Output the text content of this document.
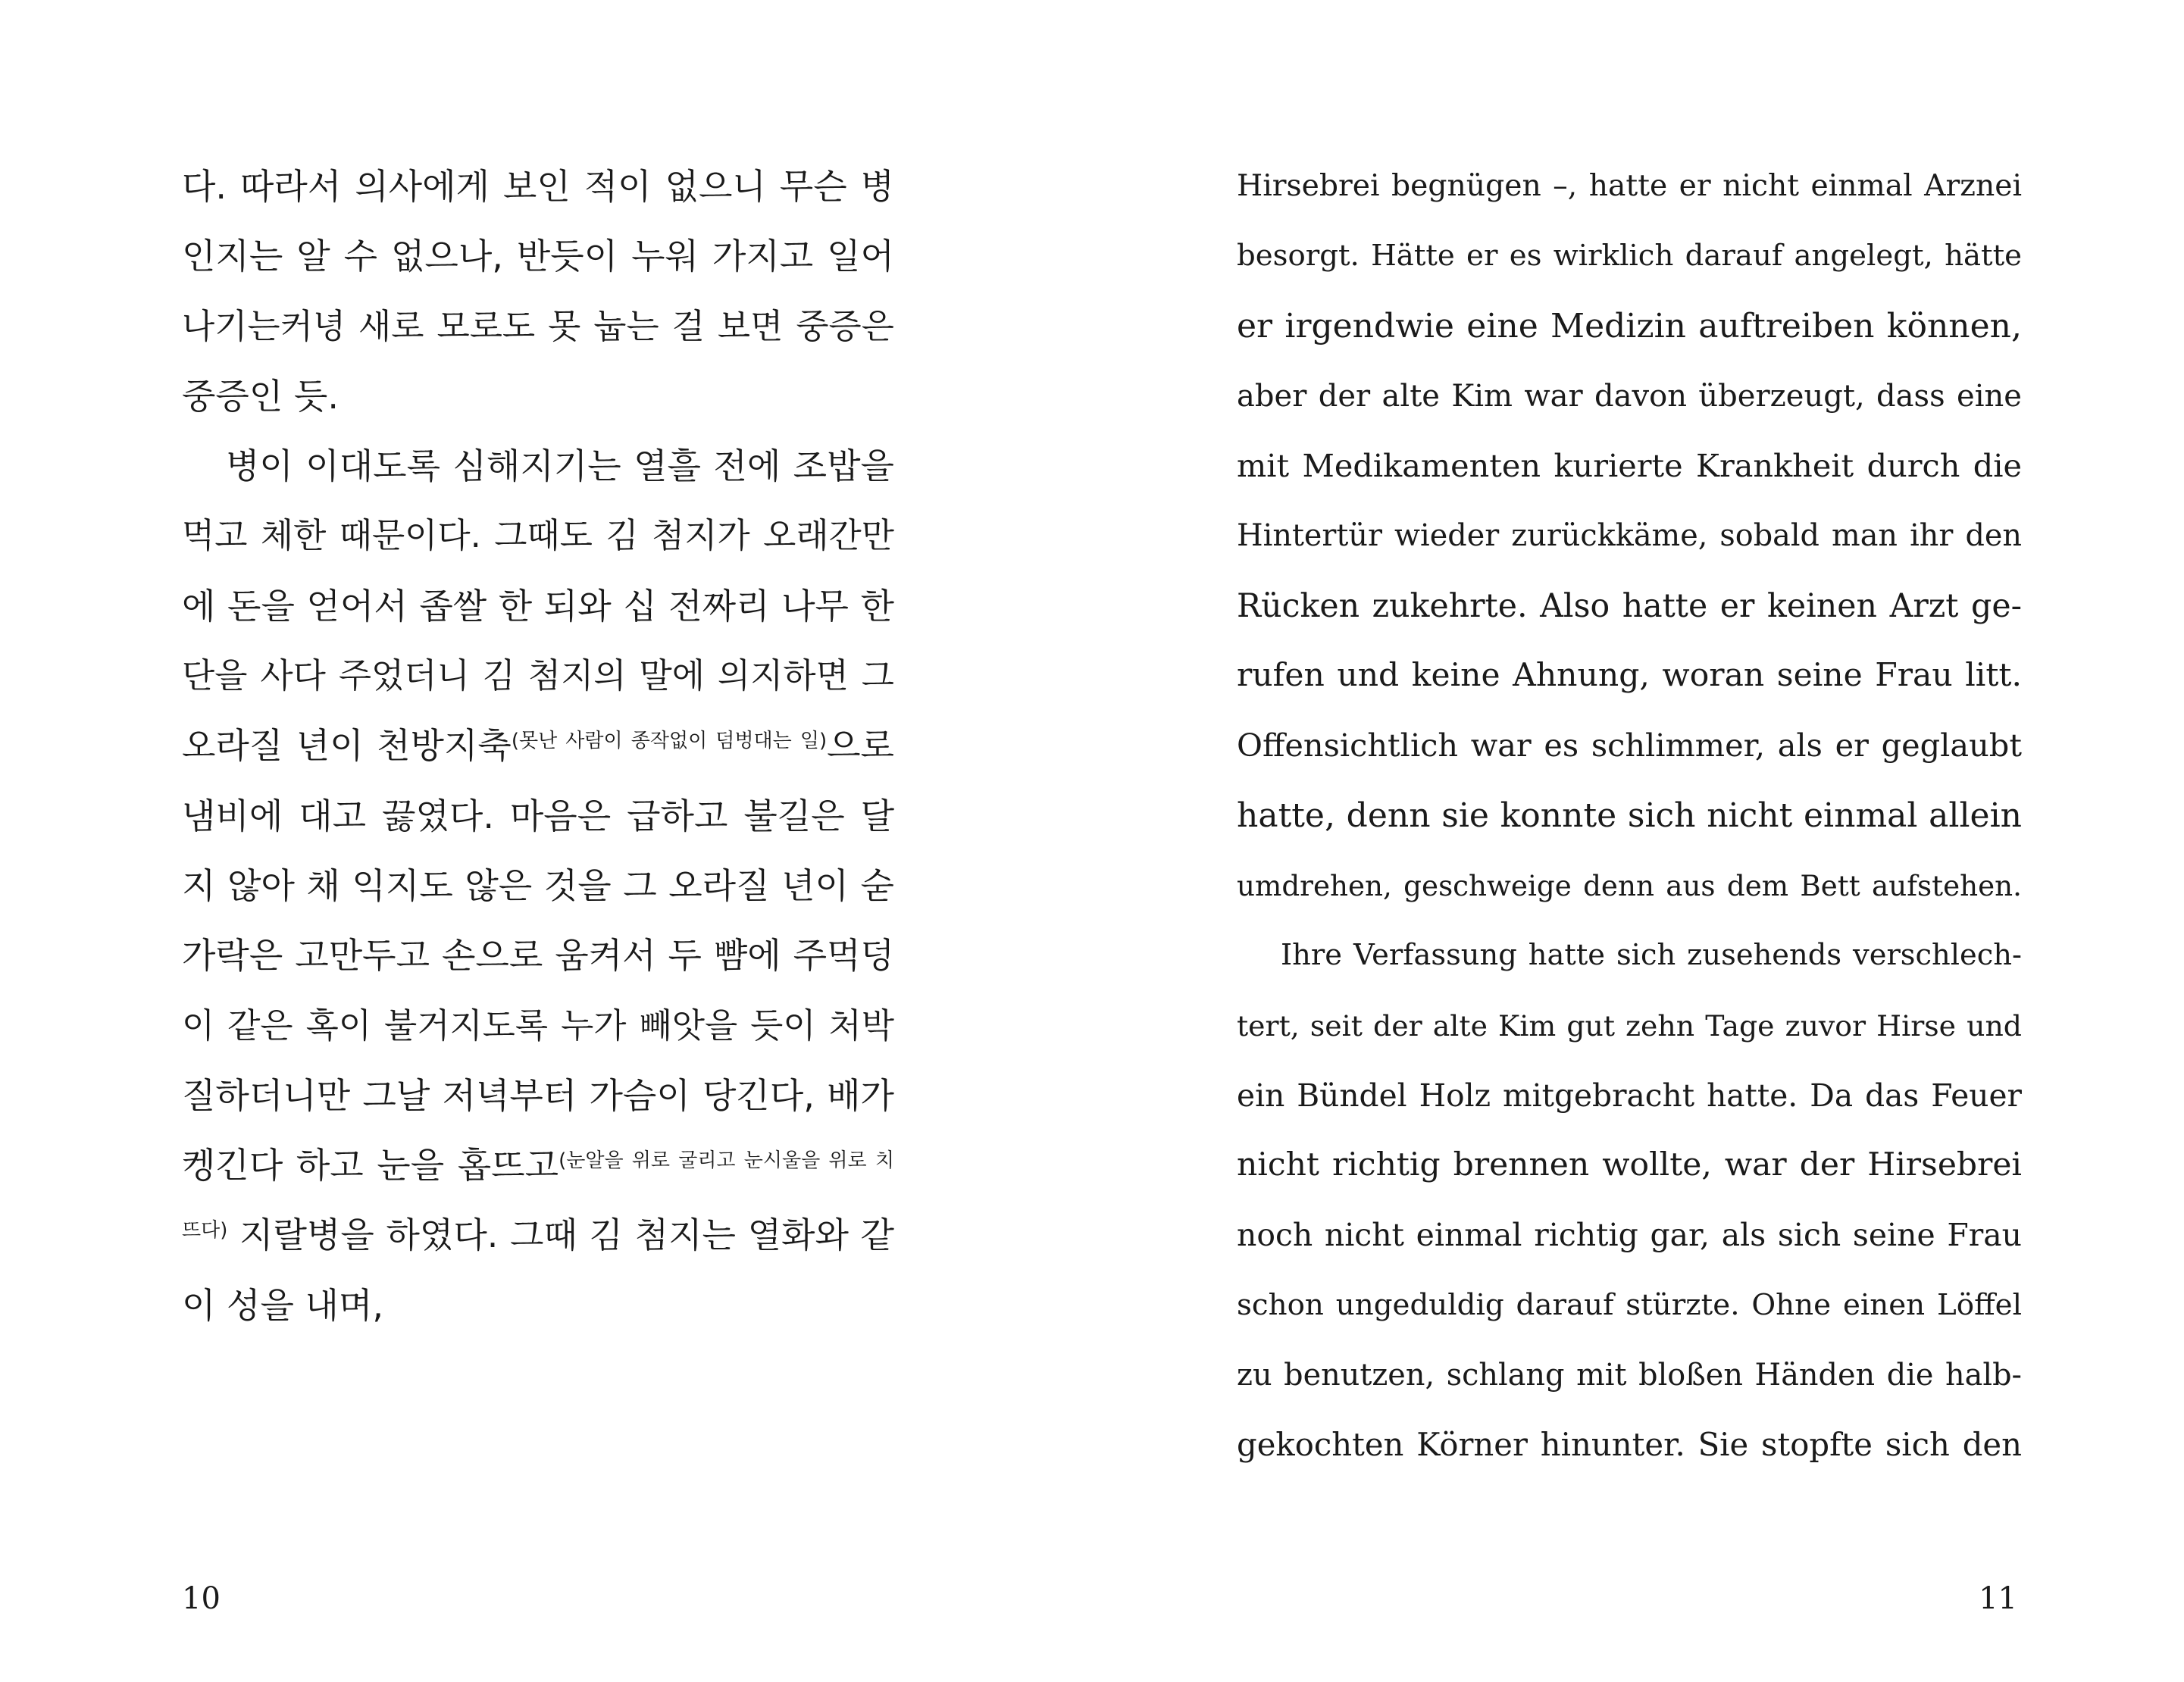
다. 따라서 의사에게 보인 적이 없으니 무슨 병
인지는 알 수 없으나, 반듯이 누워 가지고 일어
나기는커녕 새로 모로도 못 눕는 걸 보면 중증은
중증인 듯.
병이 이대도록 심해지기는 열흘 전에 조밥을
먹고 체한 때문이다. 그때도 김 첨지가 오래간만
에 돈을 얻어서 좁쌀 한 되와 십 전짜리 나무 한
단을 사다 주었더니 김 첨지의 말에 의지하면 그
오라질 년이 천방지축$^{(못난 사람이 종작없이 덤벙대는 일)}$으로
냄비에 대고 끓였다. 마음은 급하고 불길은 달
지 않아 채 익지도 않은 것을 그 오라질 년이 숟
가락은 고만두고 손으로 움켜서 두 뺨에 주먹덩
이 같은 혹이 불거지도록 누가 빼앗을 듯이 처박
질하더니만 그날 저녁부터 가슴이 당긴다, 배가
켕긴다 하고 눈을 홉뜨고$^{(눈알을 위로 굴리고 눈시울을 위로 치}$
$^{뜨다)}$ 지랄병을 하였다. 그때 김 첨지는 열화와 같
이 성을 내며,
10
Hirsebrei begnügen –, hatte er nicht einmal Arznei
besorgt. Hätte er es wirklich darauf angelegt, hätte
er irgendwie eine Medizin auftreiben können,
aber der alte Kim war davon überzeugt, dass eine
mit Medikamenten kurierte Krankheit durch die
Hintertür wieder zurückkäme, sobald man ihr den
Rücken zukehrte. Also hatte er keinen Arzt ge-
rufen und keine Ahnung, woran seine Frau litt.
Offensichtlich war es schlimmer, als er geglaubt
hatte, denn sie konnte sich nicht einmal allein
umdrehen, geschweige denn aus dem Bett aufstehen.
Ihre Verfassung hatte sich zusehends verschlech-
tert, seit der alte Kim gut zehn Tage zuvor Hirse und
ein Bündel Holz mitgebracht hatte. Da das Feuer
nicht richtig brennen wollte, war der Hirsebrei
noch nicht einmal richtig gar, als sich seine Frau
schon ungeduldig darauf stürzte. Ohne einen Löffel
zu benutzen, schlang mit bloßen Händen die halb-
gekochten Körner hinunter. Sie stopfte sich den
11
